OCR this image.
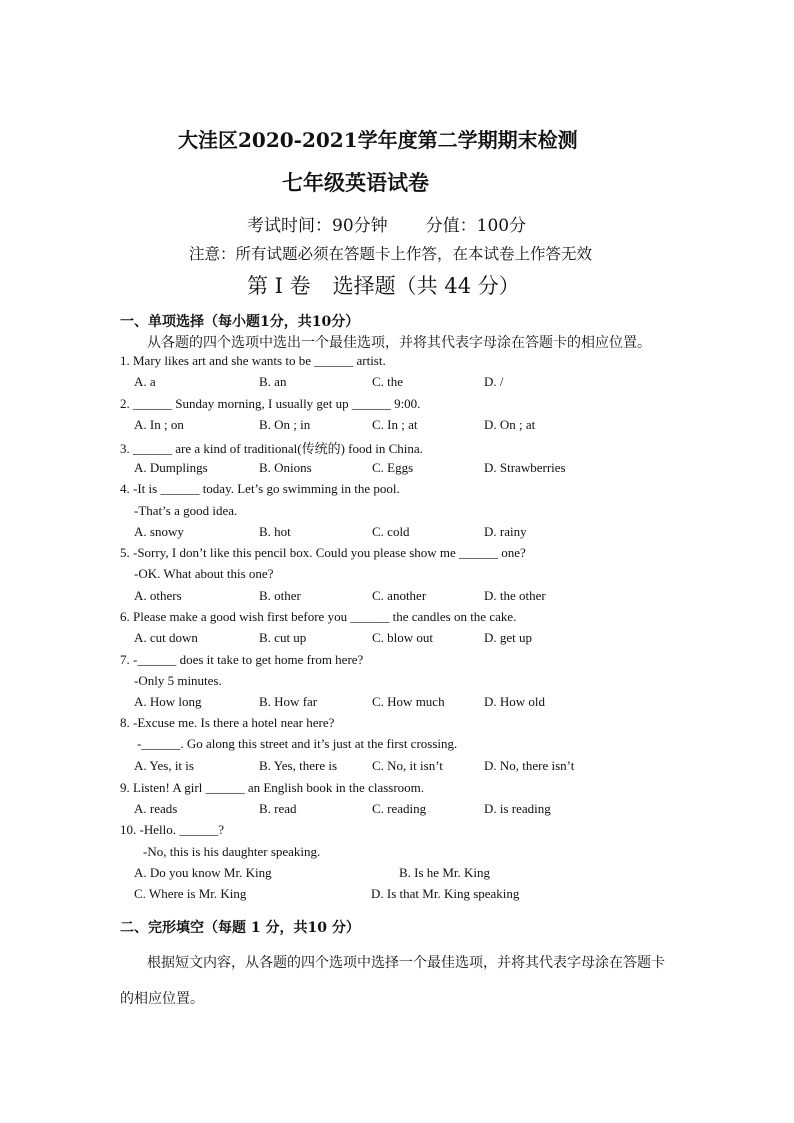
大洼区2020-2021学年度第二学期期末检测
七年级英语试卷
考试时间：90分钟 分值：100分
注意：所有试题必须在答题卡上作答，在本试卷上作答无效
第 I 卷 选择题（共 44 分）
一、单项选择（每小题1分，共10分）
从各题的四个选项中选出一个最佳选项，并将其代表字母涂在答题卡的相应位置。
1. Mary likes art and she wants to be ______ artist.
A. a	B. an	C. the	D. /
2. ______ Sunday morning, I usually get up ______ 9:00.
A. In ; on	B. On ; in	C. In ; at	D. On ; at
3. ______ are a kind of traditional(传统的) food in China.
A. Dumplings	B. Onions	C. Eggs	D. Strawberries
4. -It is ______ today. Let’s go swimming in the pool.
-That’s a good idea.
A. snowy	B. hot	C. cold	D. rainy
5. -Sorry, I don’t like this pencil box. Could you please show me ______ one?
-OK. What about this one?
A. others	B. other	C. another	D. the other
6. Please make a good wish first before you ______ the candles on the cake.
A. cut down	B. cut up	C. blow out	D. get up
7. -______ does it take to get home from here?
-Only 5 minutes.
A. How long	B. How far	C. How much	D. How old
8. -Excuse me. Is there a hotel near here?
-______. Go along this street and it’s just at the first crossing.
A. Yes, it is	B. Yes, there is	C. No, it isn’t	D. No, there isn’t
9. Listen! A girl ______ an English book in the classroom.
A. reads	B. read	C. reading	D. is reading
10. -Hello. ______?
-No, this is his daughter speaking.
A. Do you know Mr. King	B. Is he Mr. King
C. Where is Mr. King	D. Is that Mr. King speaking
二、完形填空（每题 1 分，共10 分）
根据短文内容，从各题的四个选项中选择一个最佳选项，并将其代表字母涂在答题卡
的相应位置。
